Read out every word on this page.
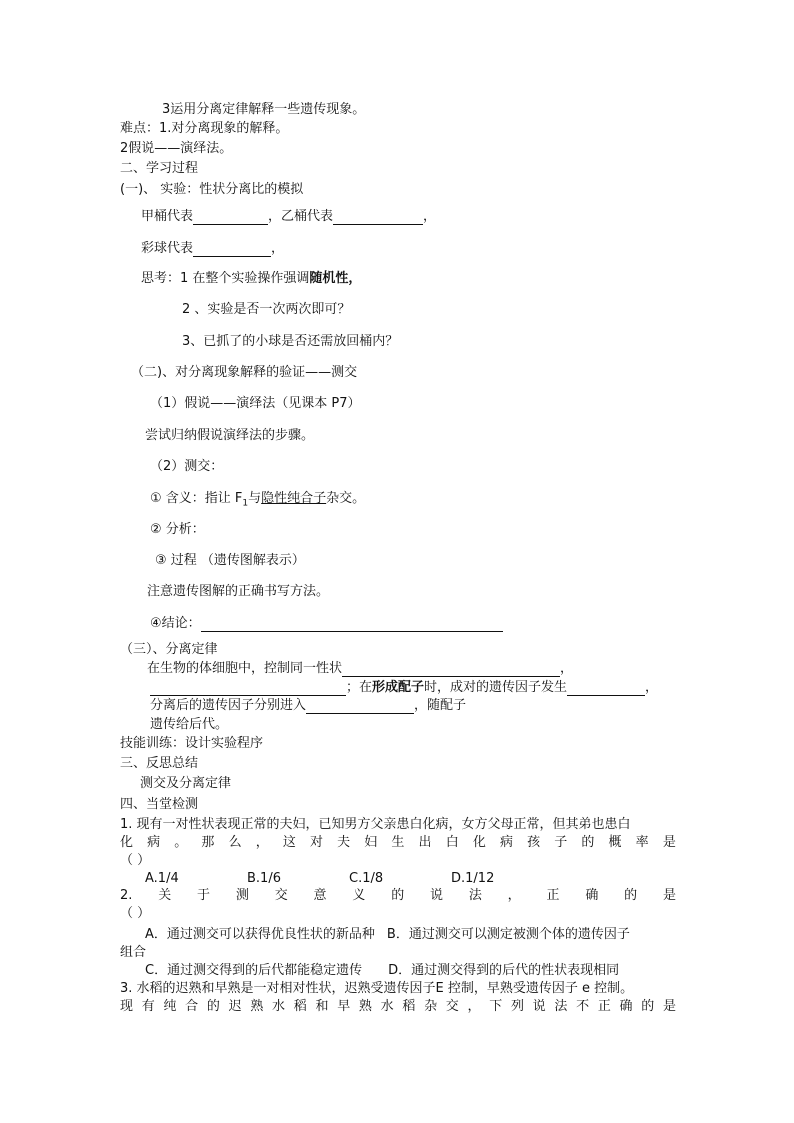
3运用分离定律解释一些遗传现象。
难点：1.对分离现象的解释。
2假说——演绎法。
二、学习过程
(一)、 实验：性状分离比的模拟
甲桶代表	，乙桶代表	，
彩球代表	，
思考：1 在整个实验操作强调随机性，
2 、实验是否一次两次即可？
3、已抓了的小球是否还需放回桶内？
（二)、对分离现象解释的验证——测交
（1）假说——演绎法（见课本 P7）
尝试归纳假说演绎法的步骤。
（2）测交：
① 含义：指让 $F_1$与隐性纯合子杂交。
② 分析：
③ 过程 （遗传图解表示）
注意遗传图解的正确书写方法。
④结论：
（三）、分离定律
在生物的体细胞中，控制同一性状	，
；在形成配子时，成对的遗传因子发生	，
分离后的遗传因子分别进入	，随配子
遗传给后代。
技能训练：设计实验程序
三、反思总结
测交及分离定律
四、当堂检测
1. 现有一对性状表现正常的夫妇，已知男方父亲患白化病，女方父母正常，但其弟也患白
化 病 。 那 么 ， 这 对 夫 妇 生 出 白 化 病 孩 子 的 概 率 是
（ ）
A.1/4	B.1/6	C.1/8	D.1/12
2. 关 于 测 交 意 义 的 说 法 ， 正 确 的 是
（ ）
A．通过测交可以获得优良性状的新品种 B．通过测交可以测定被测个体的遗传因子
组合
C．通过测交得到的后代都能稳定遗传 D．通过测交得到的后代的性状表现相同
3. 水稻的迟熟和早熟是一对相对性状，迟熟受遗传因子E 控制，早熟受遗传因子 e 控制。
现 有 纯 合 的 迟 熟 水 稻 和 早 熟 水 稻 杂 交 ， 下 列 说 法 不 正 确 的 是
